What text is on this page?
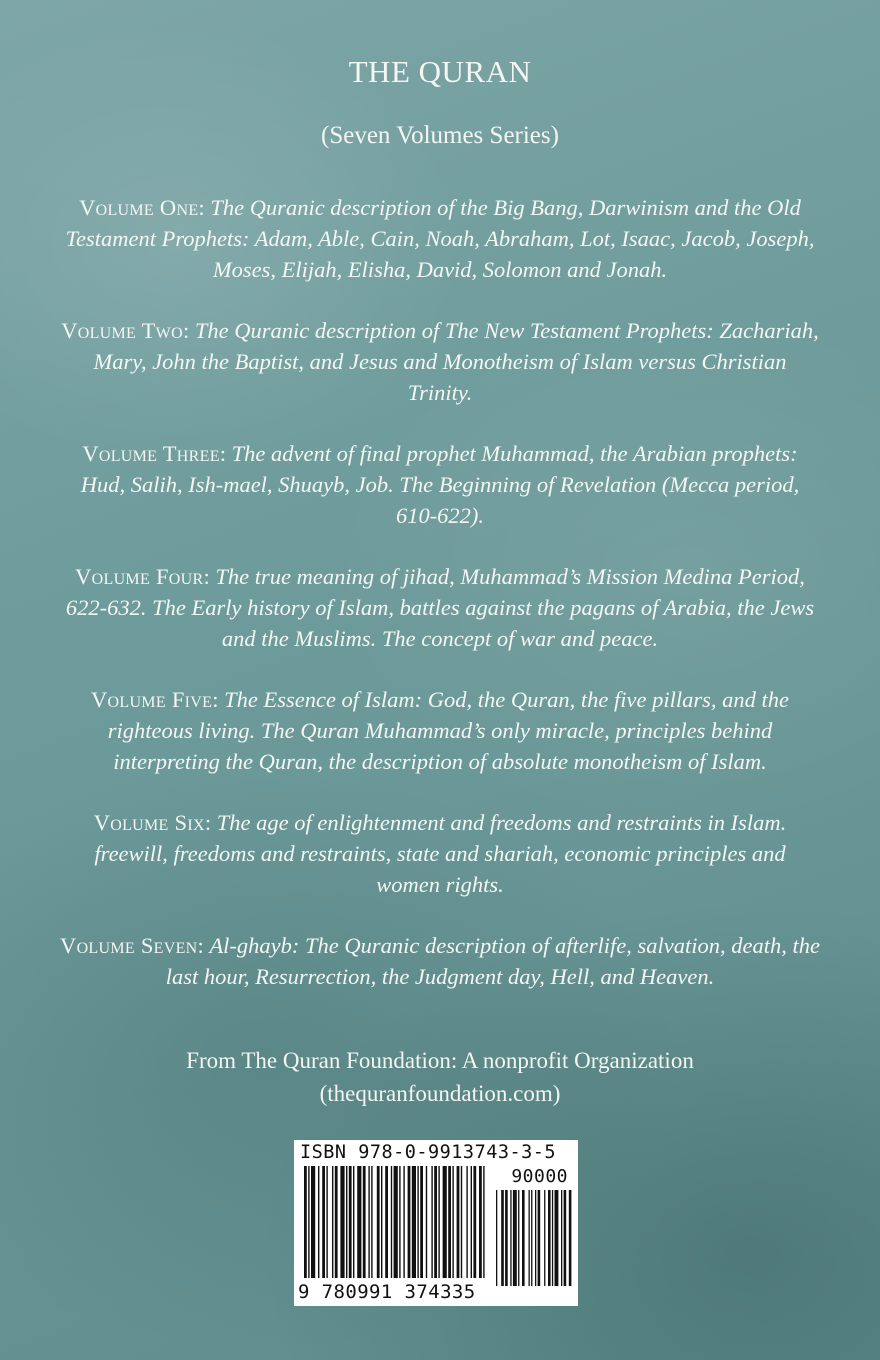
THE QURAN
(Seven Volumes Series)

Volume One: The Quranic description of the Big Bang, Darwinism and the Old Testament Prophets: Adam, Able, Cain, Noah, Abraham, Lot, Isaac, Jacob, Joseph, Moses, Elijah, Elisha, David, Solomon and Jonah.

Volume Two: The Quranic description of The New Testament Prophets: Zachariah, Mary, John the Baptist, and Jesus and Monotheism of Islam versus Christian Trinity.

Volume Three: The advent of final prophet Muhammad, the Arabian prophets: Hud, Salih, Ish-mael, Shuayb, Job. The Beginning of Revelation (Mecca period, 610-622).

Volume Four: The true meaning of jihad, Muhammad’s Mission Medina Period, 622-632. The Early history of Islam, battles against the pagans of Arabia, the Jews and the Muslims. The concept of war and peace.

Volume Five: The Essence of Islam: God, the Quran, the five pillars, and the righteous living. The Quran Muhammad’s only miracle, principles behind interpreting the Quran, the description of absolute monotheism of Islam.

Volume Six: The age of enlightenment and freedoms and restraints in Islam. freewill, freedoms and restraints, state and shariah, economic principles and women rights.

Volume Seven: Al-ghayb: The Quranic description of afterlife, salvation, death, the last hour, Resurrection, the Judgment day, Hell, and Heaven.

From The Quran Foundation: A nonprofit Organization
(thequranfoundation.com)
ISBN 978-0-9913743-3-5
90000
9 780991 374335
